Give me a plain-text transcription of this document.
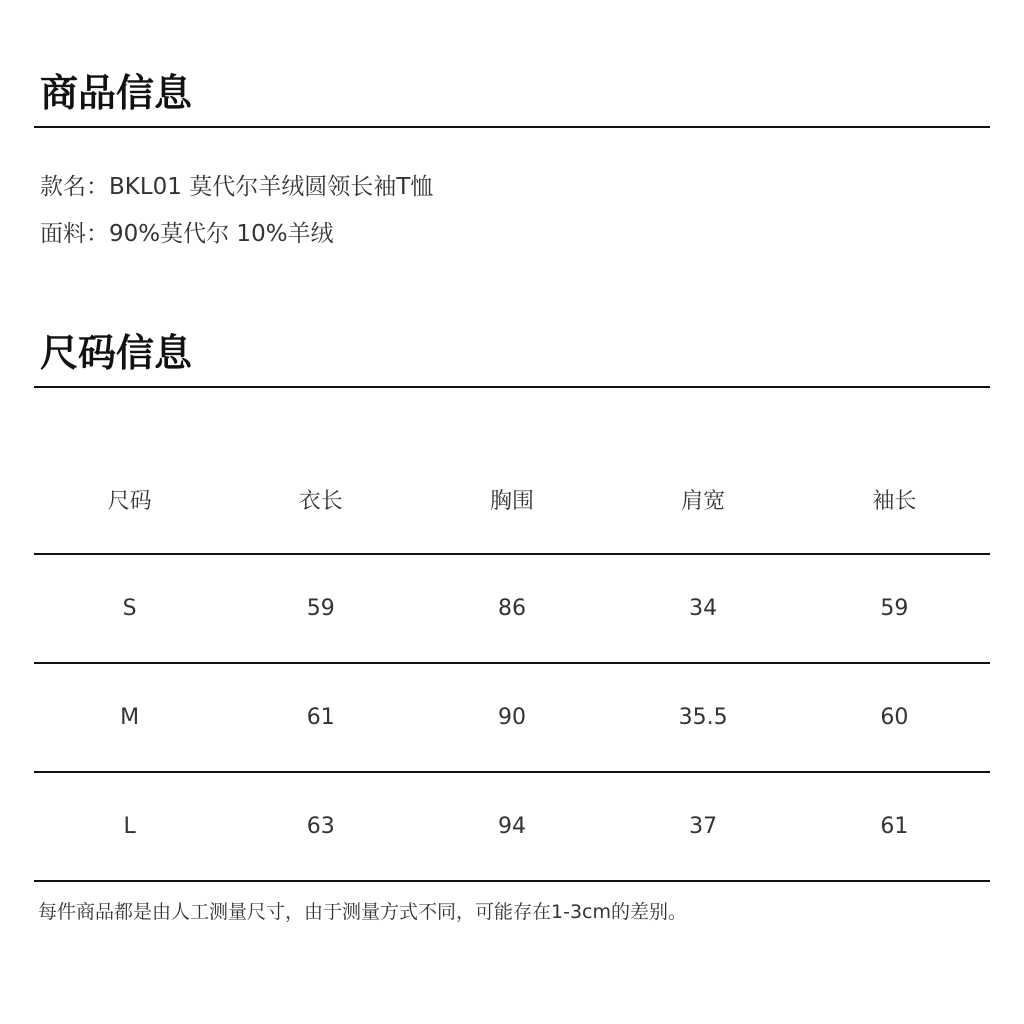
商品信息
款名：BKL01 莫代尔羊绒圆领长袖T恤
面料：90%莫代尔 10%羊绒
尺码信息
尺码	衣长	胸围	肩宽	袖长
S	59	86	34	59
M	61	90	35.5	60
L	63	94	37	61
每件商品都是由人工测量尺寸，由于测量方式不同，可能存在1-3cm的差别。
